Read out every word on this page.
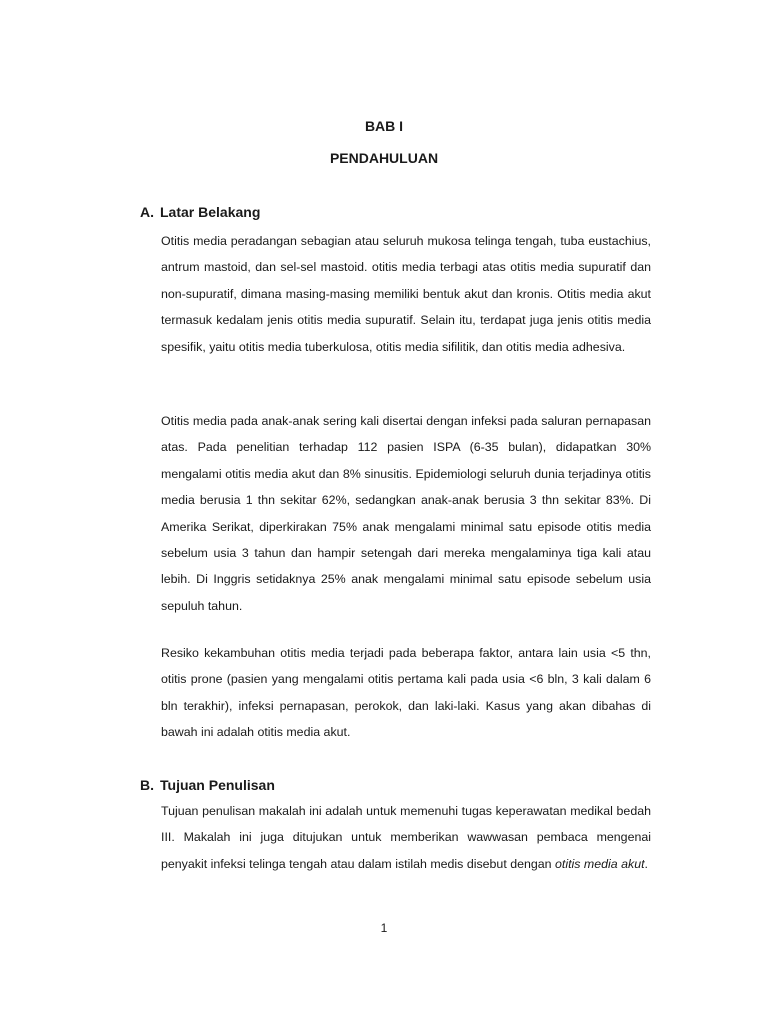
BAB I
PENDAHULUAN
A. Latar Belakang

Otitis media peradangan sebagian atau seluruh mukosa telinga tengah, tuba eustachius, antrum mastoid, dan sel-sel mastoid. otitis media terbagi atas otitis media supuratif dan non-supuratif, dimana masing-masing memiliki bentuk akut dan kronis. Otitis media akut termasuk kedalam jenis otitis media supuratif. Selain itu, terdapat juga jenis otitis media spesifik, yaitu otitis media tuberkulosa, otitis media sifilitik, dan otitis media adhesiva.

Otitis media pada anak-anak sering kali disertai dengan infeksi pada saluran pernapasan atas. Pada penelitian terhadap 112 pasien ISPA (6-35 bulan), didapatkan 30% mengalami otitis media akut dan 8% sinusitis. Epidemiologi seluruh dunia terjadinya otitis media berusia 1 thn sekitar 62%, sedangkan anak-anak berusia 3 thn sekitar 83%. Di Amerika Serikat, diperkirakan 75% anak mengalami minimal satu episode otitis media sebelum usia 3 tahun dan hampir setengah dari mereka mengalaminya tiga kali atau lebih. Di Inggris setidaknya 25% anak mengalami minimal satu episode sebelum usia sepuluh tahun.

Resiko kekambuhan otitis media terjadi pada beberapa faktor, antara lain usia <5 thn, otitis prone (pasien yang mengalami otitis pertama kali pada usia <6 bln, 3 kali dalam 6 bln terakhir), infeksi pernapasan, perokok, dan laki-laki. Kasus yang akan dibahas di bawah ini adalah otitis media akut.

B. Tujuan Penulisan

Tujuan penulisan makalah ini adalah untuk memenuhi tugas keperawatan medikal bedah III. Makalah ini juga ditujukan untuk memberikan wawwasan pembaca mengenai penyakit infeksi telinga tengah atau dalam istilah medis disebut dengan otitis media akut.

1
